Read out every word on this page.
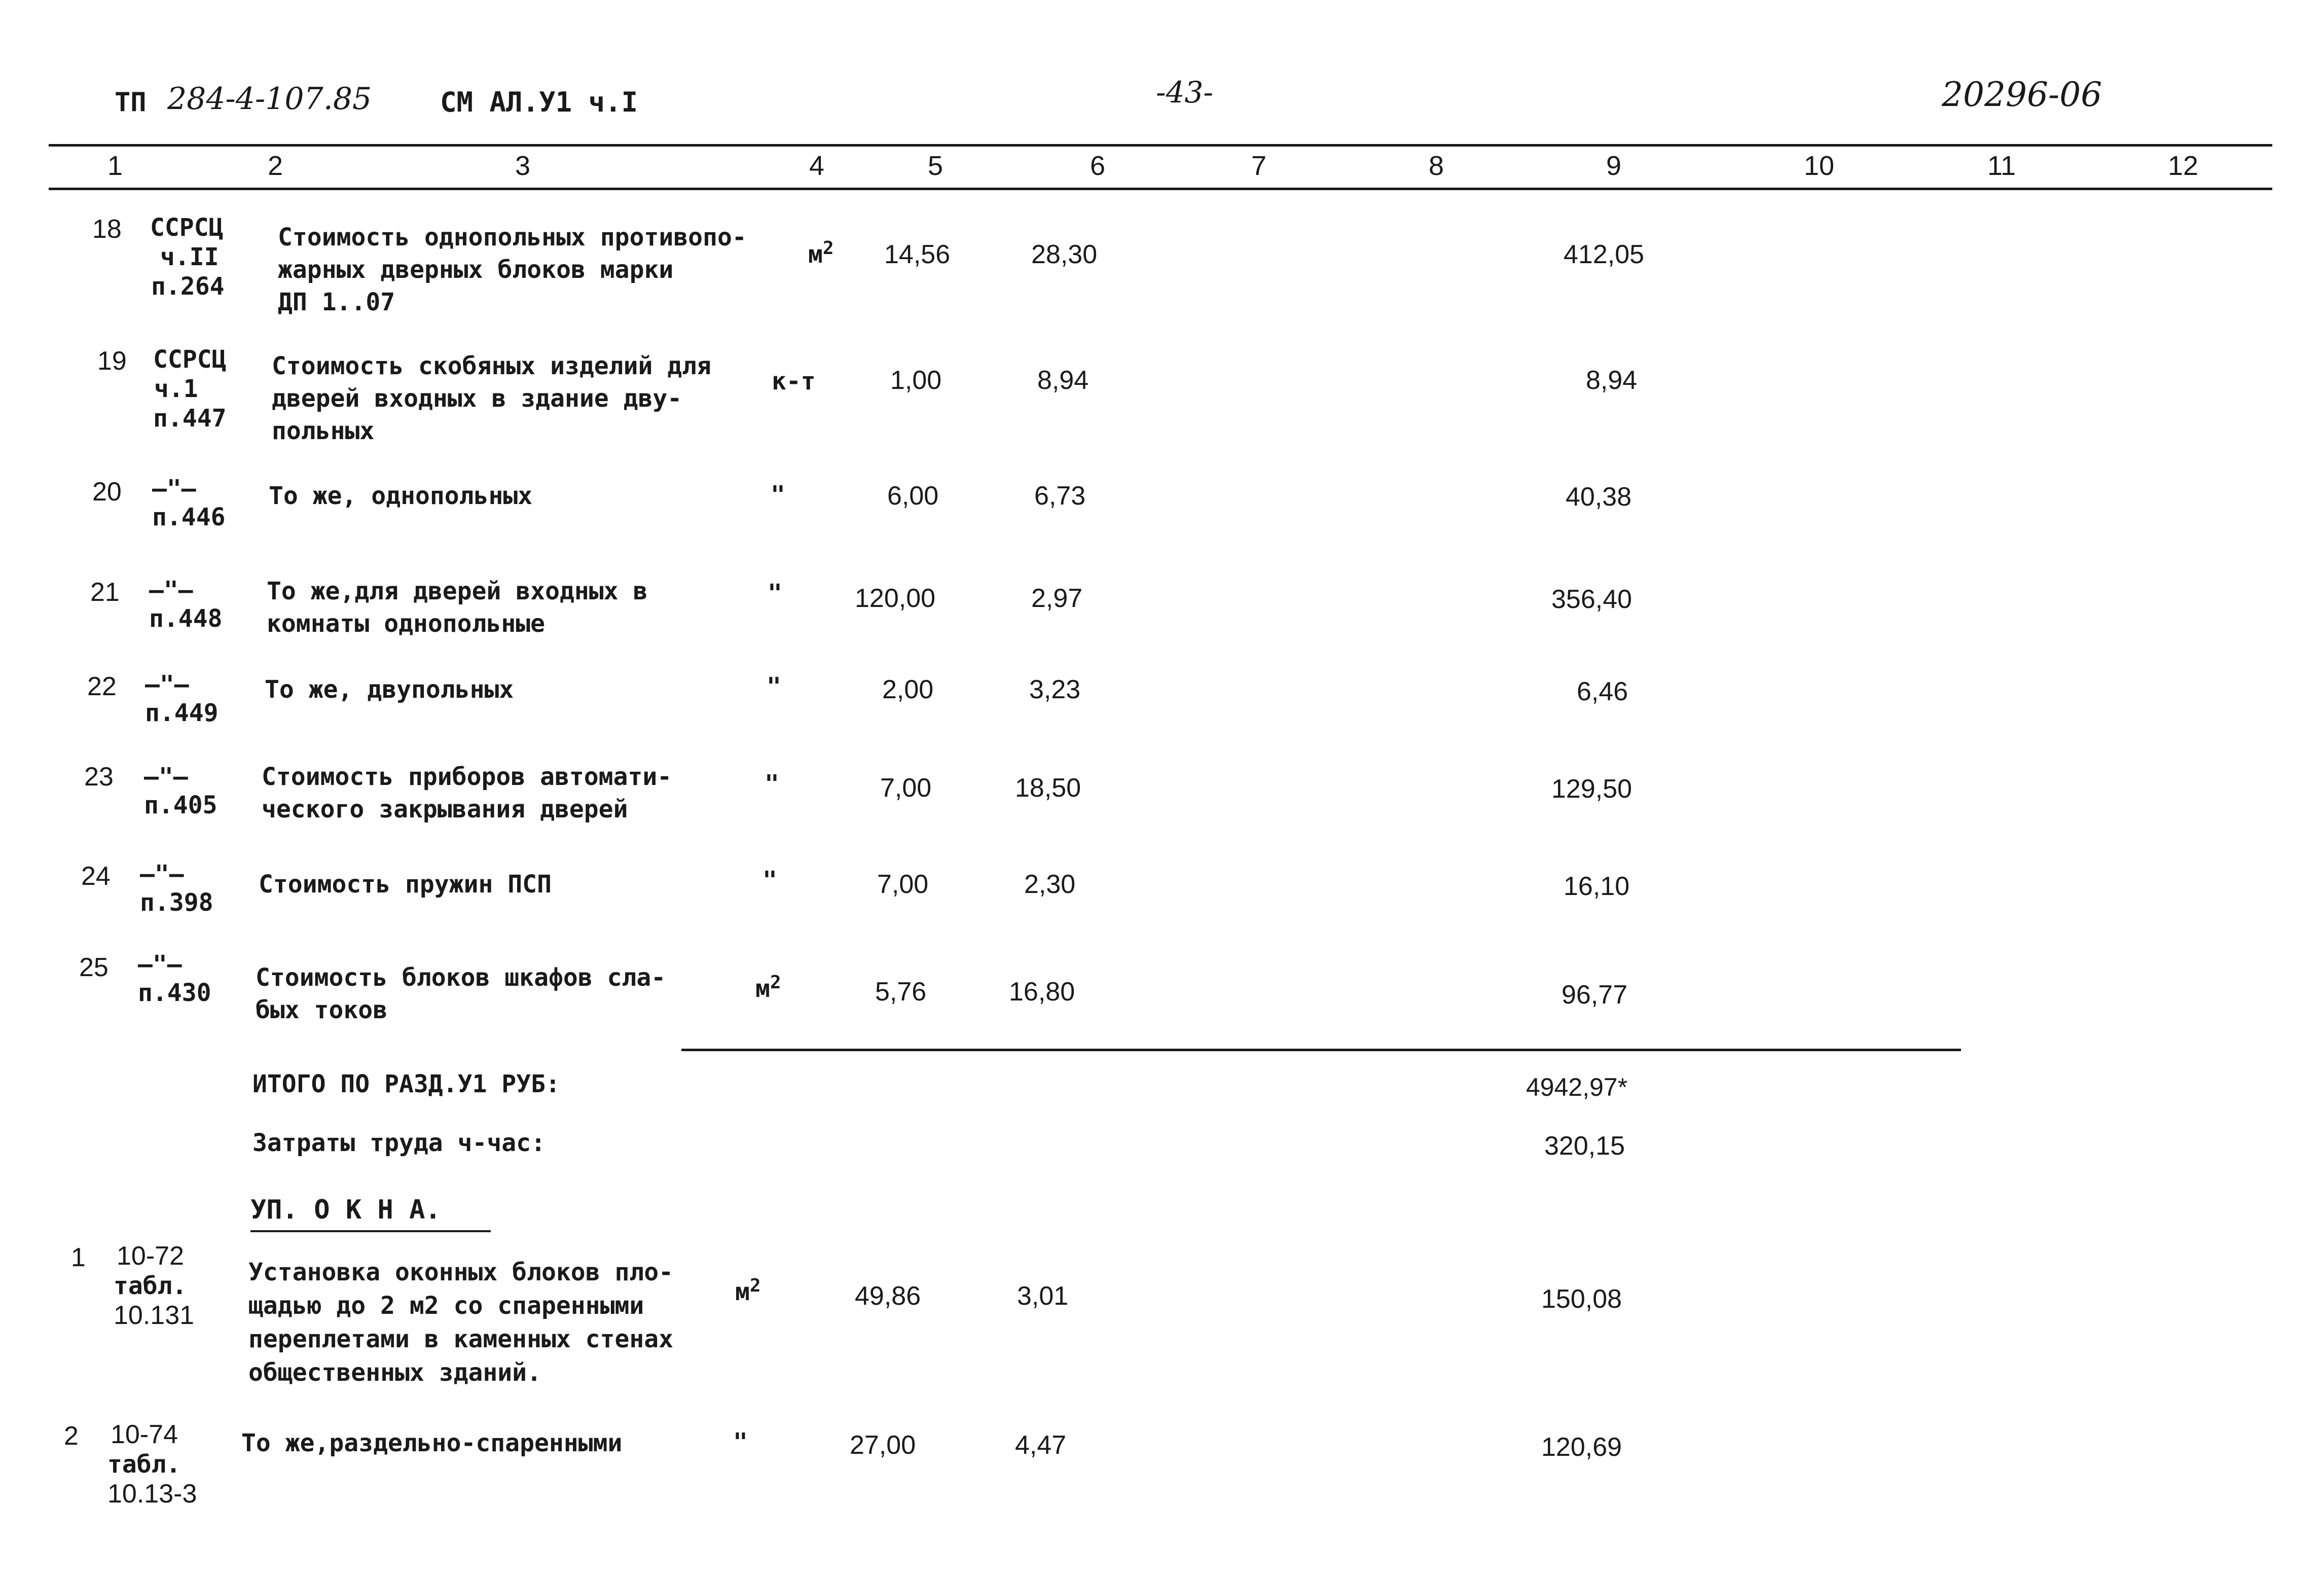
ТП 284-4-107.85 СМ АЛ.У1 ч.I	-43-	20296-06
1	2	3	4	5	6	7	8	9	10	11	12
18 ССРСЦ
ч.II
п.264
Стоимость однопольных противопо-
жарных дверных блоков марки
ДП 1..07
$м^2$ 14,56	28,30	412,05
19 ССРСЦ
ч.1
п.447
Стоимость скобяных изделий для
дверей входных в здание дву-
польных
к-т	1,00	8,94	8,94
20 —"—
п.446
То же, однопольных	"	6,00	6,73	40,38
21 —"—
п.448
То же,для дверей входных в
комнаты однопольные
"	120,00	2,97	356,40
22 —"—
п.449
То же, двупольных	"	2,00	3,23	6,46
23 —"—
п.405
Стоимость приборов автомати-
ческого закрывания дверей
"	7,00	18,50	129,50
24 —"—
п.398
Стоимость пружин ПСП	"	7,00	2,30	16,10
25 —"—
п.430
Стоимость блоков шкафов сла-
бых токов
$м^2$	5,76	16,80	96,77
ИТОГО ПО РАЗД.У1 РУБ:	4942,97*
Затраты труда ч-час:	320,15
УП. О К Н А.
1 10-72
табл.
10.131
Установка оконных блоков пло-
щадью до 2 м2 со спаренными
переплетами в каменных стенах
общественных зданий.
$м^2$	49,86	3,01	150,08
2 10-74
табл.
10.13-3
То же,раздельно-спаренными	"	27,00	4,47	120,69
